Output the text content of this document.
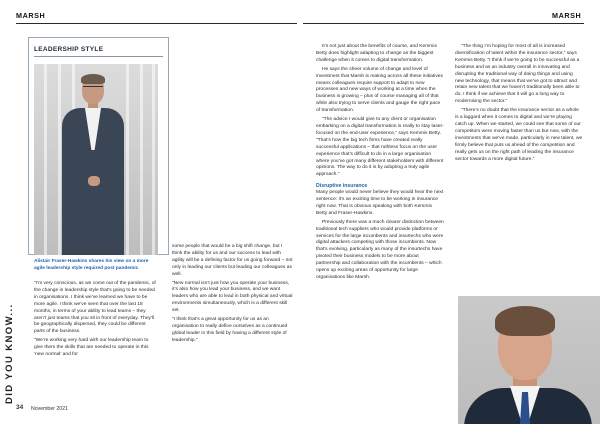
MARSH	MARSH
LEADERSHIP STYLE
Alistair Fraser-Hawkins shares his view on a more agile leadership style required post pandemic

“I’m very conscious, as we come out of the pandemic, of the change in leadership style that’s going to be needed in organisations. I think we’ve learned we have to be more agile. I think we’ve seen that over the last 18 months, in terms of your ability to lead teams – they aren’t just teams that you sit in front of everyday. They’ll be geographically dispersed, they could be different parts of the business.

“We’re working very hard with our leadership team to give them the skills that are needed to operate in this ‘new normal’ and for

some people that would be a big shift change, but I think the ability for us and our success to lead with agility will be a defining factor for us going forward – not only in leading our clients but leading our colleagues as well.

“New normal isn’t just how you operate your business, it’s also how you lead your business, and we want leaders who are able to lead in both physical and virtual environments simultaneously, which is a different skill set.

“I think that’s a great opportunity for us as an organisation to really define ourselves as a continued global leader in this field by having a different style of leadership.”

It’s not just about the benefits of course, and Kemmis Betty does highlight adapting to change as the biggest challenge when it comes to digital transformation.

He says the sheer volume of change and level of investment that Marsh is making across all these initiatives means colleagues require support to adapt to new processes and new ways of working at a time when the business is growing – plus of course managing all of that while also trying to serve clients and gauge the right pace of transformation.

“The advice I would give to any client or organisation embarking on a digital transformation is really to stay laser-focused on the end-user experience,” says Kemmis Betty. “That’s how the big tech firms have created really successful applications – that ruthless focus on the user experience that’s difficult to do in a large organisation where you’ve got many different stakeholders with different opinions. The way to do it is by adopting a truly agile approach.”

Disruptive insurance

Many people would never believe they would hear the next sentence: it’s an exciting time to be working in insurance right now. That is obvious speaking with both Kemmis Betty and Fraser-Hawkins.

Previously there was a much clearer distinction between traditional tech suppliers who would provide platforms or services for the large incumbents and insurtechs who were digital attackers competing with those incumbents. Now that’s evolving, particularly as many of the insurtechs have pivoted their business models to be more about partnership and collaboration with the incumbents – which opens up exciting areas of opportunity for large organisations like Marsh.

“The thing I’m hoping for most of all is increased diversification of talent within the insurance sector,” says Kemmis Betty. “I think if we’re going to be successful as a business and as an industry overall in innovating and disrupting the traditional way of doing things and using new technology, that means that we’ve got to attract and retain new talent that we haven’t traditionally been able to do. I think if we achieve that it will go a long way to modernising the sector.”

“There’s no doubt that the insurance sector as a whole is a laggard when it comes to digital and we’re playing catch up. When we started, we could see that some of our competitors were moving faster than us but now, with the investments that we’ve made, particularly in new talent, we firmly believe that puts us ahead of the competition and really gets us on the right path of leading the insurance sector towards a more digital future.”

DID YOU KNOW...
34 November 2021
